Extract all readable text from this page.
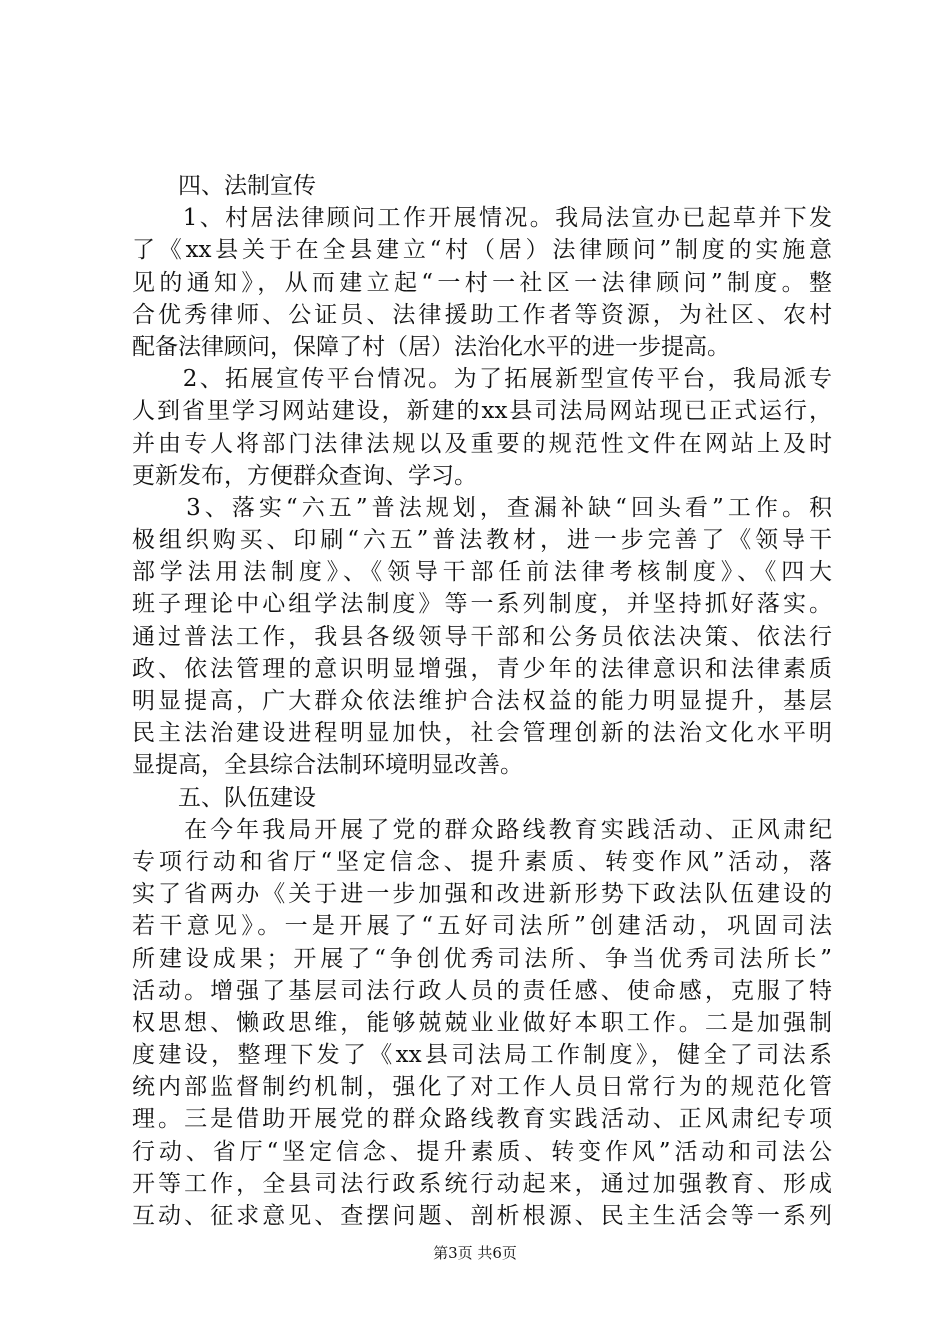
　　四、法制宣传
　　1、村居法律顾问工作开展情况。我局法宣办已起草并下发
了《xx县关于在全县建立“村（居）法律顾问”制度的实施意
见的通知》，从而建立起“一村一社区一法律顾问”制度。整
合优秀律师、公证员、法律援助工作者等资源，为社区、农村
配备法律顾问，保障了村（居）法治化水平的进一步提高。
　　2、拓展宣传平台情况。为了拓展新型宣传平台，我局派专
人到省里学习网站建设，新建的xx县司法局网站现已正式运行，
并由专人将部门法律法规以及重要的规范性文件在网站上及时
更新发布，方便群众查询、学习。
　　3、落实“六五”普法规划，查漏补缺“回头看”工作。积
极组织购买、印刷“六五”普法教材，进一步完善了《领导干
部学法用法制度》、《领导干部任前法律考核制度》、《四大
班子理论中心组学法制度》等一系列制度，并坚持抓好落实。
通过普法工作，我县各级领导干部和公务员依法决策、依法行
政、依法管理的意识明显增强，青少年的法律意识和法律素质
明显提高，广大群众依法维护合法权益的能力明显提升，基层
民主法治建设进程明显加快，社会管理创新的法治文化水平明
显提高，全县综合法制环境明显改善。
　　五、队伍建设
　　在今年我局开展了党的群众路线教育实践活动、正风肃纪
专项行动和省厅“坚定信念、提升素质、转变作风”活动，落
实了省两办《关于进一步加强和改进新形势下政法队伍建设的
若干意见》。一是开展了“五好司法所”创建活动，巩固司法
所建设成果；开展了“争创优秀司法所、争当优秀司法所长”
活动。增强了基层司法行政人员的责任感、使命感，克服了特
权思想、懒政思维，能够兢兢业业做好本职工作。二是加强制
度建设，整理下发了《xx县司法局工作制度》，健全了司法系
统内部监督制约机制，强化了对工作人员日常行为的规范化管
理。三是借助开展党的群众路线教育实践活动、正风肃纪专项
行动、省厅“坚定信念、提升素质、转变作风”活动和司法公
开等工作，全县司法行政系统行动起来，通过加强教育、形成
互动、征求意见、查摆问题、剖析根源、民主生活会等一系列
第3页 共6页
